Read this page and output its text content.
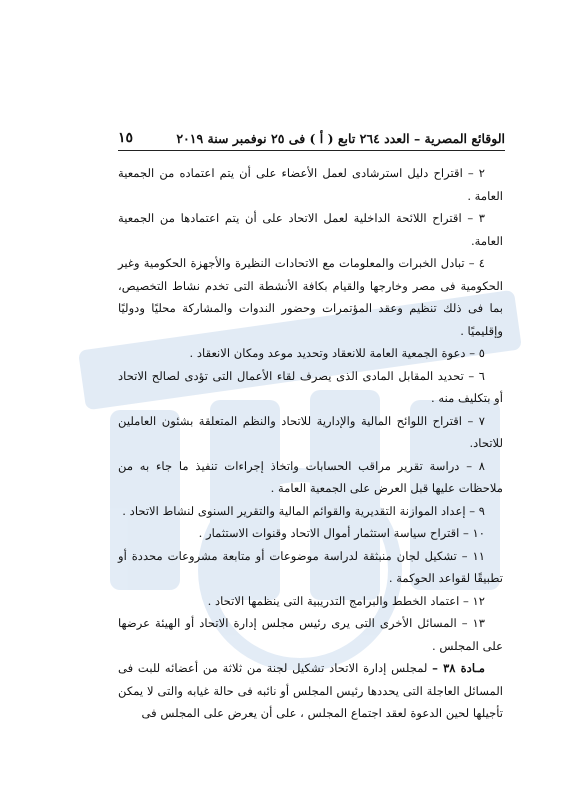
الوقائع المصرية – العدد ٢٦٤ تابع ( أ ) فى ٢٥ نوفمبر سنة ٢٠١٩
١٥

٢ – اقتراح دليل استرشادى لعمل الأعضاء على أن يتم اعتماده من الجمعية العامة .

٣ – اقتراح اللائحة الداخلية لعمل الاتحاد على أن يتم اعتمادها من الجمعية العامة.

٤ – تبادل الخبرات والمعلومات مع الاتحادات النظيرة والأجهزة الحكومية وغير الحكومية فى مصر وخارجها والقيام بكافة الأنشطة التى تخدم نشاط التخصيص، بما فى ذلك تنظيم وعقد المؤتمرات وحضور الندوات والمشاركة محليًا ودوليًا وإقليميًا .

٥ – دعوة الجمعية العامة للانعقاد وتحديد موعد ومكان الانعقاد .

٦ – تحديد المقابل المادى الذى يصرف لقاء الأعمال التى تؤدى لصالح الاتحاد أو بتكليف منه .

٧ – اقتراح اللوائح المالية والإدارية للاتحاد والنظم المتعلقة بشئون العاملين للاتحاد.

٨ – دراسة تقرير مراقب الحسابات واتخاذ إجراءات تنفيذ ما جاء به من ملاحظات عليها قبل العرض على الجمعية العامة .

٩ – إعداد الموازنة التقديرية والقوائم المالية والتقرير السنوى لنشاط الاتحاد .

١٠ – اقتراح سياسة استثمار أموال الاتحاد وقنوات الاستثمار .

١١ – تشكيل لجان منبثقة لدراسة موضوعات أو متابعة مشروعات محددة أو تطبيقًا لقواعد الحوكمة .

١٢ – اعتماد الخطط والبرامج التدريبية التى ينظمها الاتحاد .

١٣ – المسائل الأخرى التى يرى رئيس مجلس إدارة الاتحاد أو الهيئة عرضها على المجلس .

مـادة ٣٨ – لمجلس إدارة الاتحاد تشكيل لجنة من ثلاثة من أعضائه للبت فى المسائل العاجلة التى يحددها رئيس المجلس أو نائبه فى حالة غيابه والتى لا يمكن تأجيلها لحين الدعوة لعقد اجتماع المجلس ، على أن يعرض على المجلس فى
